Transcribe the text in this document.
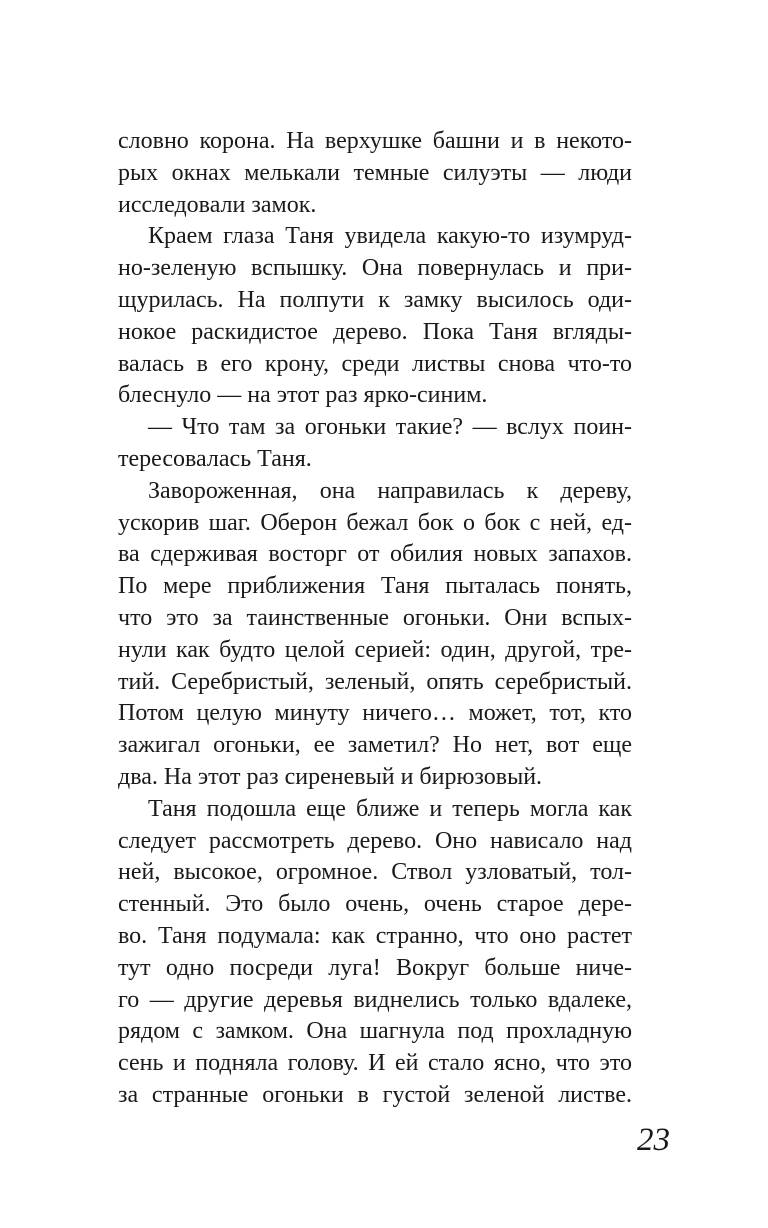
словно корона. На верхушке башни и в некото-
рых окнах мелькали темные силуэты — люди
исследовали замок.
Краем глаза Таня увидела какую-то изумруд-
но-зеленую вспышку. Она повернулась и при-
щурилась. На полпути к замку высилось оди-
нокое раскидистое дерево. Пока Таня вгляды-
валась в его крону, среди листвы снова что-то
блеснуло — на этот раз ярко-синим.
— Что там за огоньки такие? — вслух поин-
тересовалась Таня.
Завороженная, она направилась к дереву,
ускорив шаг. Оберон бежал бок о бок с ней, ед-
ва сдерживая восторг от обилия новых запахов.
По мере приближения Таня пыталась понять,
что это за таинственные огоньки. Они вспых-
нули как будто целой серией: один, другой, тре-
тий. Серебристый, зеленый, опять серебристый.
Потом целую минуту ничего… может, тот, кто
зажигал огоньки, ее заметил? Но нет, вот еще
два. На этот раз сиреневый и бирюзовый.
Таня подошла еще ближе и теперь могла как
следует рассмотреть дерево. Оно нависало над
ней, высокое, огромное. Ствол узловатый, тол-
стенный. Это было очень, очень старое дере-
во. Таня подумала: как странно, что оно растет
тут одно посреди луга! Вокруг больше ниче-
го — другие деревья виднелись только вдалеке,
рядом с замком. Она шагнула под прохладную
сень и подняла голову. И ей стало ясно, что это
за странные огоньки в густой зеленой листве.
23
